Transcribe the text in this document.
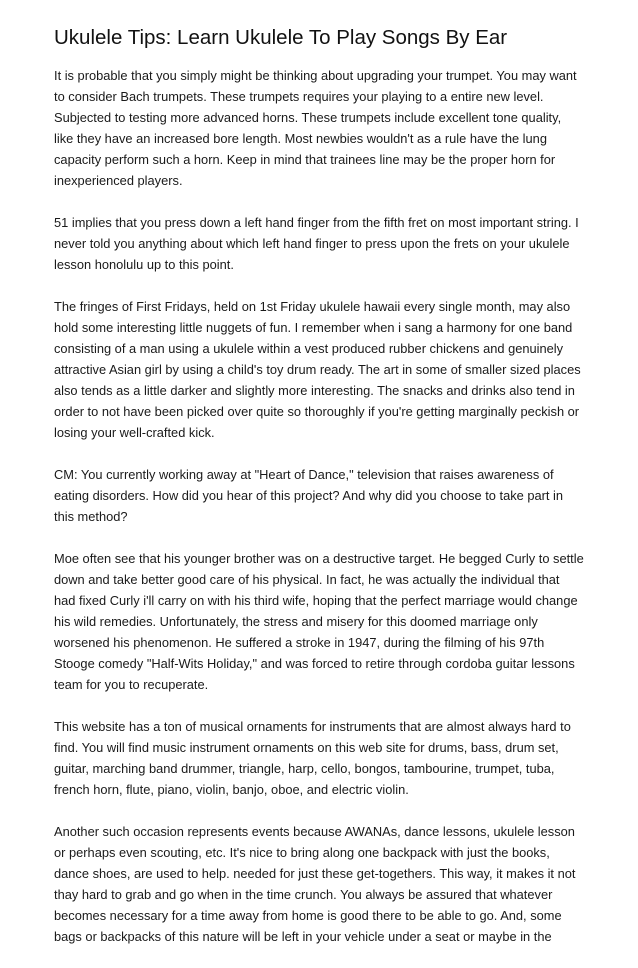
Ukulele Tips: Learn Ukulele To Play Songs By Ear

It is probable that you simply might be thinking about upgrading your trumpet. You may want
to consider Bach trumpets. These trumpets requires your playing to a entire new level.
Subjected to testing more advanced horns. These trumpets include excellent tone quality,
like they have an increased bore length. Most newbies wouldn't as a rule have the lung
capacity perform such a horn. Keep in mind that trainees line may be the proper horn for
inexperienced players.

51 implies that you press down a left hand finger from the fifth fret on most important string. I
never told you anything about which left hand finger to press upon the frets on your ukulele
lesson honolulu up to this point.

The fringes of First Fridays, held on 1st Friday ukulele hawaii every single month, may also
hold some interesting little nuggets of fun. I remember when i sang a harmony for one band
consisting of a man using a ukulele within a vest produced rubber chickens and genuinely
attractive Asian girl by using a child's toy drum ready. The art in some of smaller sized places
also tends as a little darker and slightly more interesting. The snacks and drinks also tend in
order to not have been picked over quite so thoroughly if you're getting marginally peckish or
losing your well-crafted kick.

CM: You currently working away at "Heart of Dance," television that raises awareness of
eating disorders. How did you hear of this project? And why did you choose to take part in
this method?

Moe often see that his younger brother was on a destructive target. He begged Curly to settle
down and take better good care of his physical. In fact, he was actually the individual that
had fixed Curly i'll carry on with his third wife, hoping that the perfect marriage would change
his wild remedies. Unfortunately, the stress and misery for this doomed marriage only
worsened his phenomenon. He suffered a stroke in 1947, during the filming of his 97th
Stooge comedy "Half-Wits Holiday," and was forced to retire through cordoba guitar lessons
team for you to recuperate.

This website has a ton of musical ornaments for instruments that are almost always hard to
find. You will find music instrument ornaments on this web site for drums, bass, drum set,
guitar, marching band drummer, triangle, harp, cello, bongos, tambourine, trumpet, tuba,
french horn, flute, piano, violin, banjo, oboe, and electric violin.

Another such occasion represents events because AWANAs, dance lessons, ukulele lesson
or perhaps even scouting, etc. It's nice to bring along one backpack with just the books,
dance shoes, are used to help. needed for just these get-togethers. This way, it makes it not
thay hard to grab and go when in the time crunch. You always be assured that whatever
becomes necessary for a time away from home is good there to be able to go. And, some
bags or backpacks of this nature will be left in your vehicle under a seat or maybe in the
